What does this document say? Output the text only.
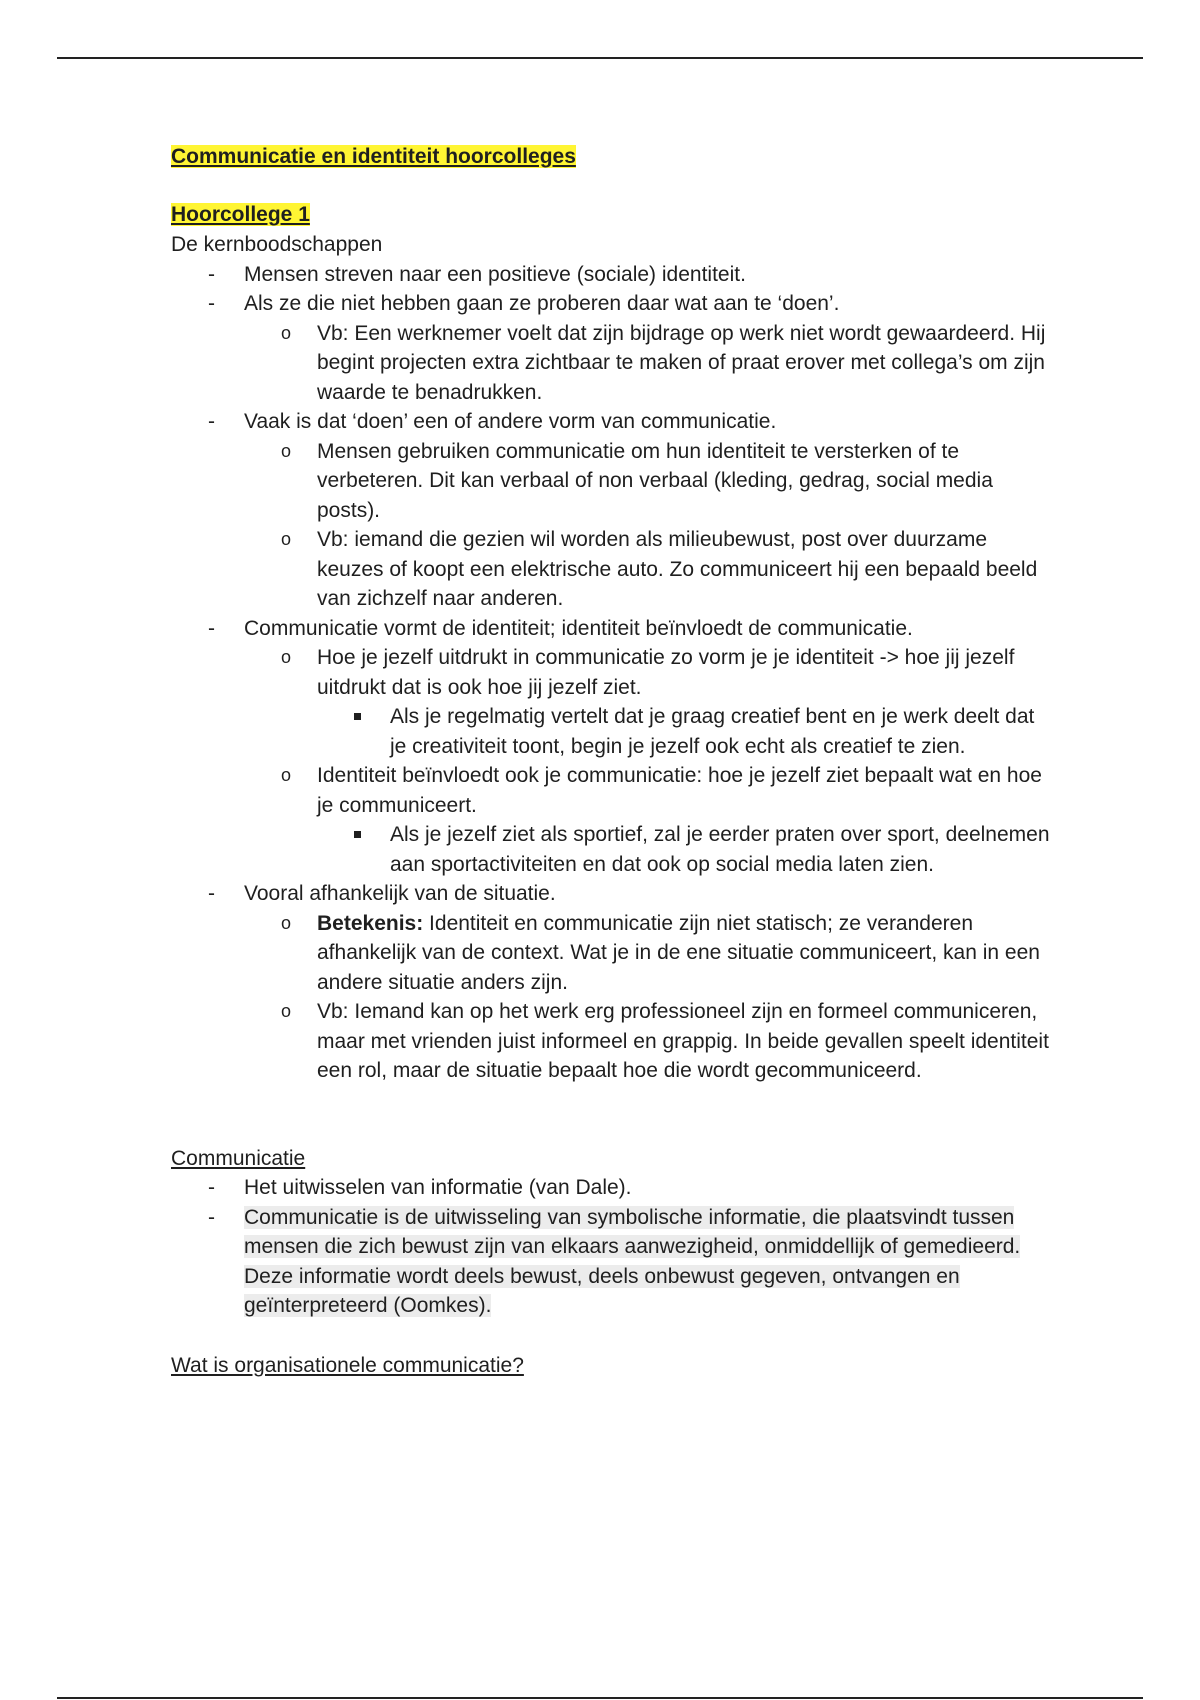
Communicatie en identiteit hoorcolleges
Hoorcollege 1
De kernboodschappen
- Mensen streven naar een positieve (sociale) identiteit.
- Als ze die niet hebben gaan ze proberen daar wat aan te ‘doen’.
o Vb: Een werknemer voelt dat zijn bijdrage op werk niet wordt gewaardeerd. Hij begint projecten extra zichtbaar te maken of praat erover met collega’s om zijn waarde te benadrukken.
- Vaak is dat ‘doen’ een of andere vorm van communicatie.
o Mensen gebruiken communicatie om hun identiteit te versterken of te verbeteren. Dit kan verbaal of non verbaal (kleding, gedrag, social media posts).
o Vb: iemand die gezien wil worden als milieubewust, post over duurzame keuzes of koopt een elektrische auto. Zo communiceert hij een bepaald beeld van zichzelf naar anderen.
- Communicatie vormt de identiteit; identiteit beïnvloedt de communicatie.
o Hoe je jezelf uitdrukt in communicatie zo vorm je je identiteit -> hoe jij jezelf uitdrukt dat is ook hoe jij jezelf ziet.
Als je regelmatig vertelt dat je graag creatief bent en je werk deelt dat je creativiteit toont, begin je jezelf ook echt als creatief te zien.
o Identiteit beïnvloedt ook je communicatie: hoe je jezelf ziet bepaalt wat en hoe je communiceert.
Als je jezelf ziet als sportief, zal je eerder praten over sport, deelnemen aan sportactiviteiten en dat ook op social media laten zien.
- Vooral afhankelijk van de situatie.
o Betekenis: Identiteit en communicatie zijn niet statisch; ze veranderen afhankelijk van de context. Wat je in de ene situatie communiceert, kan in een andere situatie anders zijn.
o Vb: Iemand kan op het werk erg professioneel zijn en formeel communiceren, maar met vrienden juist informeel en grappig. In beide gevallen speelt identiteit een rol, maar de situatie bepaalt hoe die wordt gecommuniceerd.
Communicatie
- Het uitwisselen van informatie (van Dale).
- Communicatie is de uitwisseling van symbolische informatie, die plaatsvindt tussen mensen die zich bewust zijn van elkaars aanwezigheid, onmiddellijk of gemedieerd. Deze informatie wordt deels bewust, deels onbewust gegeven, ontvangen en geïnterpreteerd (Oomkes).
Wat is organisationele communicatie?
